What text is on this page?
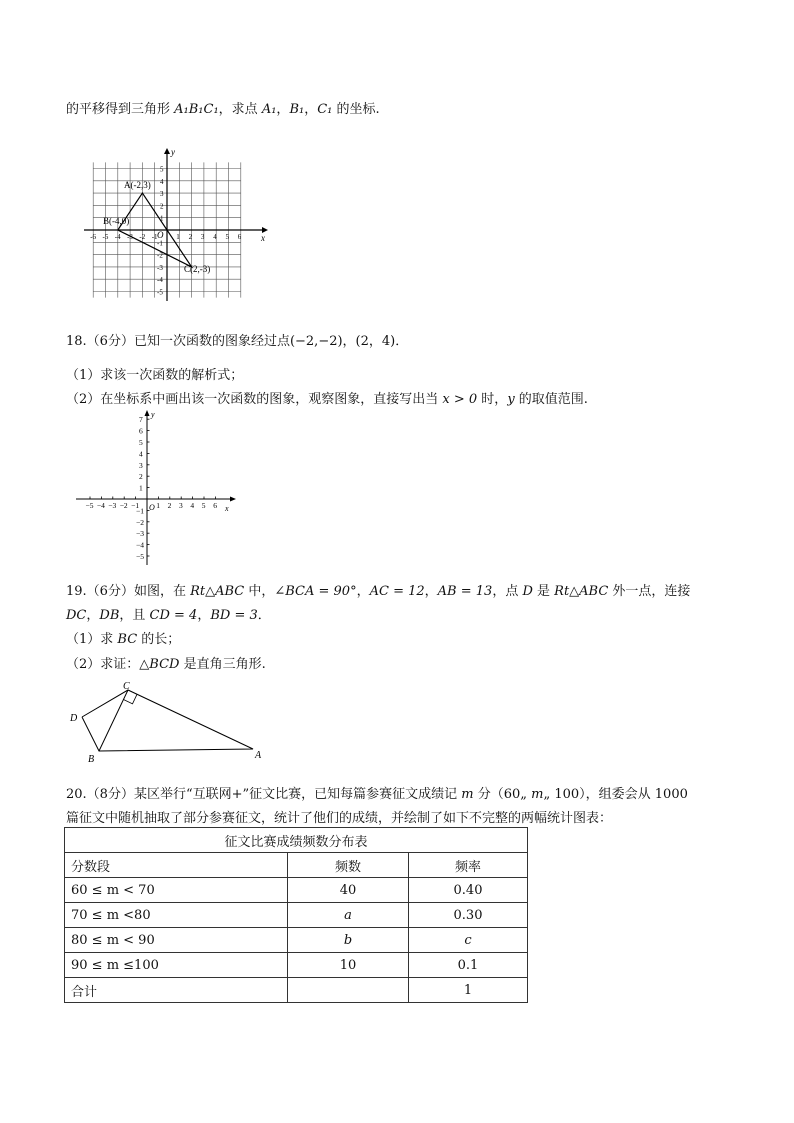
的平移得到三角形 A₁B₁C₁，求点 A₁，B₁，C₁ 的坐标.
x
y
O
-6 -5 -4 -3 -2 -1	1 2 3 4 5 6
5
4
3
2
1
-1
-2
-3
-4
-5
A(-2,3)
B(-4,0)
C(2,-3)
18.（6分）已知一次函数的图象经过点(−2,−2)，(2，4)．
（1）求该一次函数的解析式；
（2）在坐标系中画出该一次函数的图象，观察图象，直接写出当 x > 0 时，y 的取值范围.
x
y
O
−5 −4 −3 −2 −1 1 2 3 4 5 6
7
6
5
4
3
2
1
−1
−2
−3
−4
−5
19.（6分）如图，在 Rt△ABC 中，∠BCA = 90°，AC = 12，AB = 13，点 D 是 Rt△ABC 外一点，连接
DC，DB，且 CD = 4，BD = 3．
（1）求 BC 的长；
（2）求证：△BCD 是直角三角形.
C
D
B	A
20.（8分）某区举行“互联网+”征文比赛，已知每篇参赛征文成绩记 m 分（60„ m„ 100），组委会从 1000
篇征文中随机抽取了部分参赛征文，统计了他们的成绩，并绘制了如下不完整的两幅统计图表：
征文比赛成绩频数分布表		
分数段	频数	频率
60 ≤ m < 70	40	0.40
70 ≤ m <80	a	0.30
80 ≤ m < 90	b	c
90 ≤ m ≤100	10	0.1
合计		1
